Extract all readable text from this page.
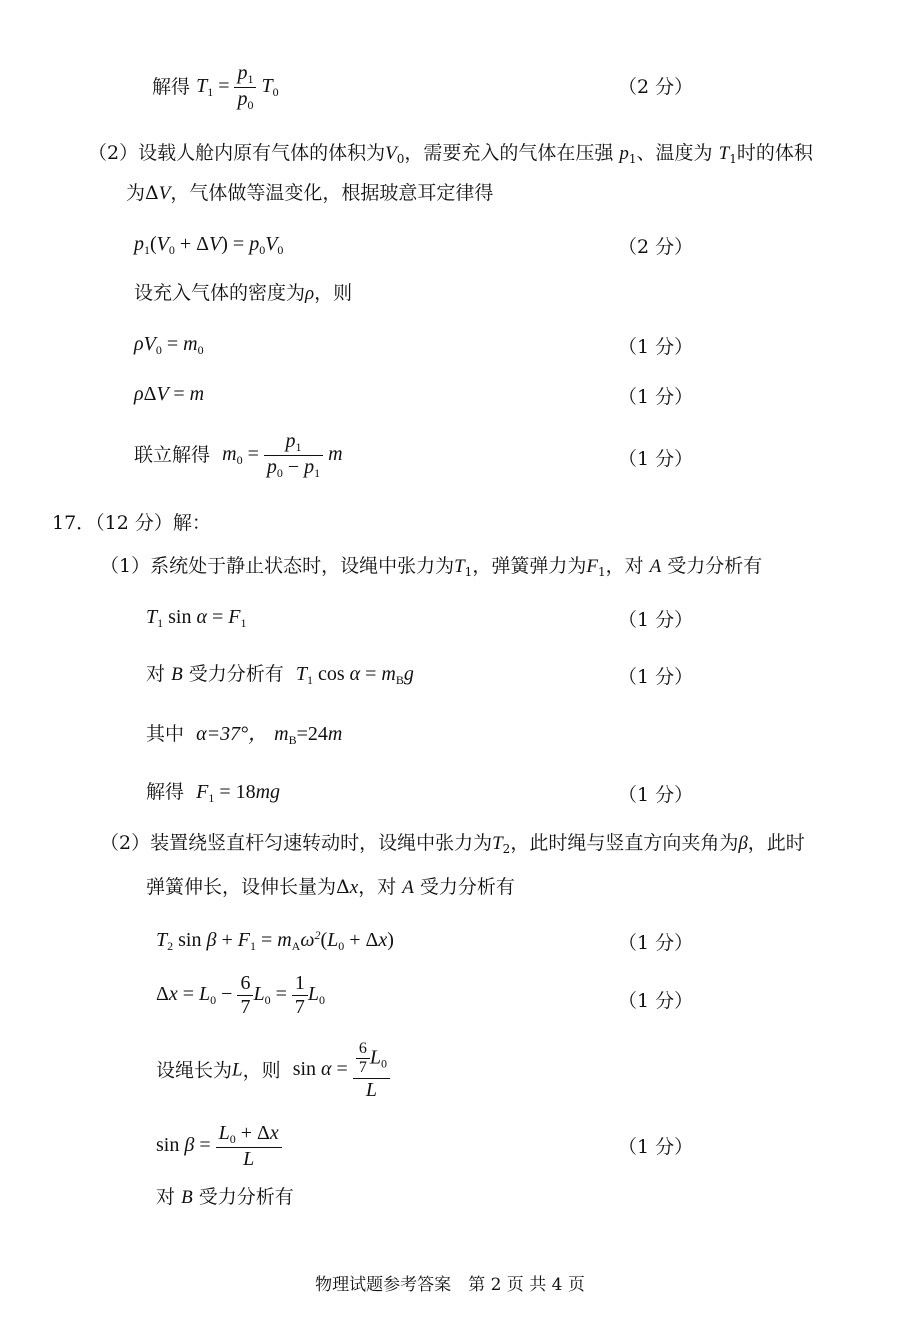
解得 $T_1 = \frac{p_1}{p_0} T_0$	（2 分）
（2）设载人舱内原有气体的体积为$V_0$，需要充入的气体在压强 $p_1$、温度为 $T_1$时的体积
为ΔV，气体做等温变化，根据玻意耳定律得
$p_1(V_0 + \Delta V) = p_0V_0$	（2 分）
设充入气体的密度为ρ，则
$\rho V_0 = m_0$	（1 分）
ρΔV = m	（1 分）
联立解得  $m_0 = \frac{p_1}{p_0 - p_1}$ m	（1 分）
17．（12 分）解：
（1）系统处于静止状态时，设绳中张力为$T_1$，弹簧弹力为$F_1$，对 A 受力分析有
$T_1$ $\sin \alpha = F_1$	（1 分）
对 B 受力分析有 $T_1$ $\cos \alpha = m_Bg$	（1 分）
其中 α=37°， $m_B=24m$
解得 $F_1 = 18mg$	（1 分）
（2）装置绕竖直杆匀速转动时，设绳中张力为$T_2$，此时绳与竖直方向夹角为β，此时
弹簧伸长，设伸长量为Δx，对 A 受力分析有
$T_2$ $\sin \beta + F_1 = m_A\omega^2(L_0 + \Delta x)$	（1 分）
$\Delta x = L_0 - \frac{6}{7} L_0 = \frac{1}{7} L_0$	（1 分）
设绳长为L，则 $\sin \alpha = \frac{\frac{6}{7} L_0}{L}$
$\sin \beta = \frac{L_0 + \Delta x}{L}$	（1 分）
对 B 受力分析有
物理试题参考答案　第 2 页 共 4 页
